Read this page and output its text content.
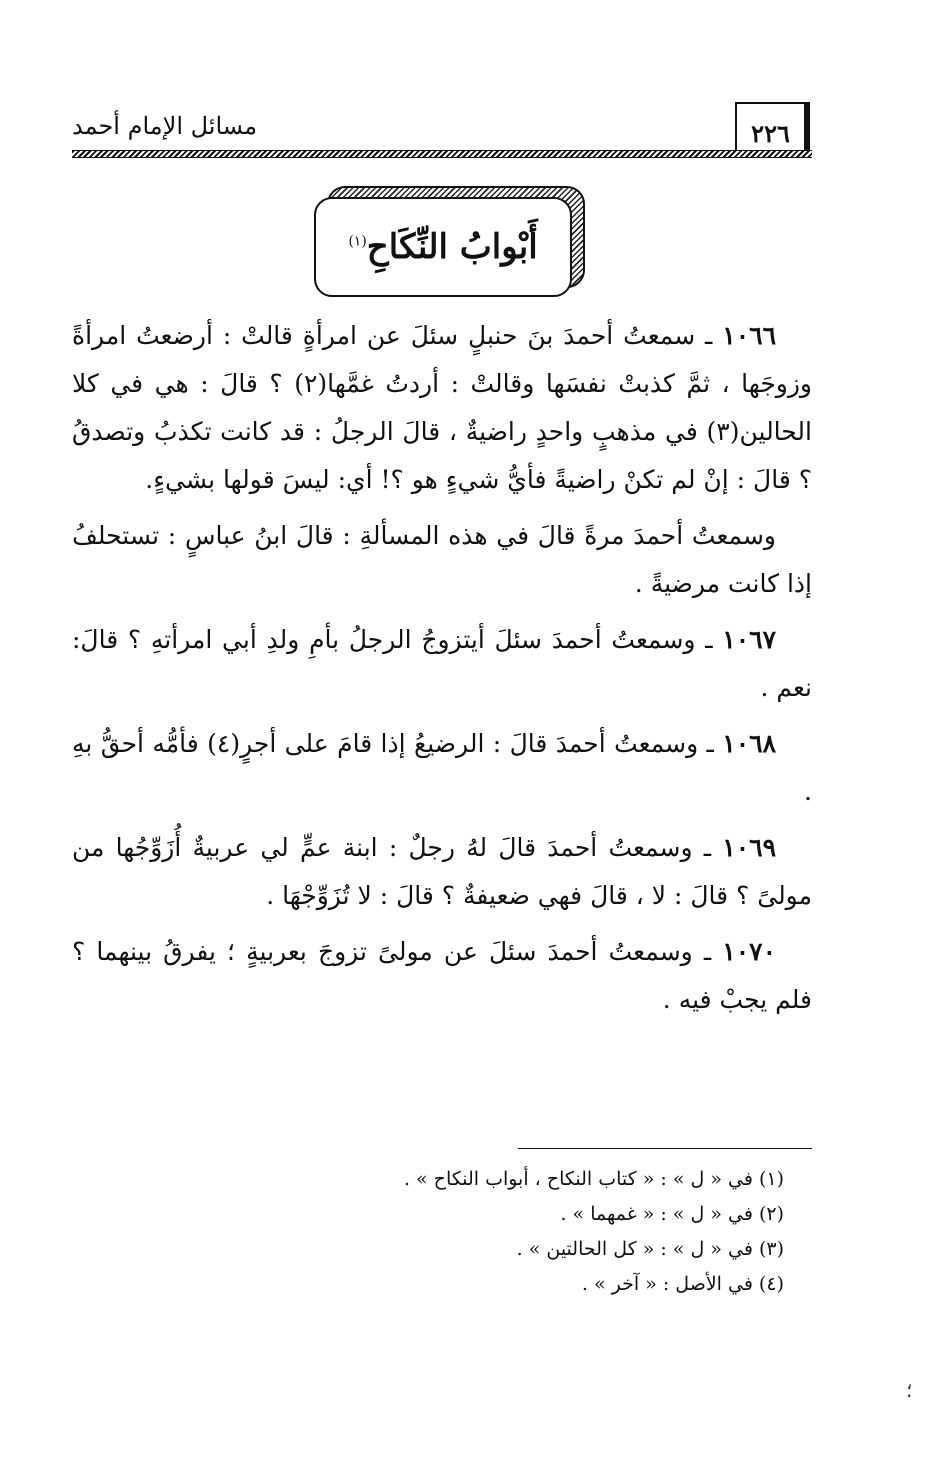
٢٢٦
مسائل الإمام أحمد
أَبْوابُ النِّكَاحِ$^{(١)}$

١٠٦٦ ـ سمعتُ أحمدَ بنَ حنبلٍ سئلَ عن امرأةٍ قالتْ : أرضعتُ امرأةً وزوجَها ، ثمَّ كذبتْ نفسَها وقالتْ : أردتُ غمَّها(٢) ؟ قالَ : هي في كلا الحالين(٣) في مذهبٍ واحدٍ راضيةٌ ، قالَ الرجلُ : قد كانت تكذبُ وتصدقُ ؟ قالَ : إنْ لم تكنْ راضيةً فأيُّ شيءٍ هو ؟! أي: ليسَ قولها بشيءٍ.

وسمعتُ أحمدَ مرةً قالَ في هذه المسألةِ : قالَ ابنُ عباسٍ : تستحلفُ إذا كانت مرضيةً .

١٠٦٧ ـ وسمعتُ أحمدَ سئلَ أيتزوجُ الرجلُ بأمِ ولدِ أبي امرأتهِ ؟ قالَ: نعم .

١٠٦٨ ـ وسمعتُ أحمدَ قالَ : الرضيعُ إذا قامَ على أجرٍ(٤) فأمُّه أحقُّ بهِ .

١٠٦٩ ـ وسمعتُ أحمدَ قالَ لهُ رجلٌ : ابنة عمٍّ لي عربيةٌ أُزَوِّجُها من مولىً ؟ قالَ : لا ، قالَ فهي ضعيفةٌ ؟ قالَ : لا تُزَوِّجْهَا .

١٠٧٠ ـ وسمعتُ أحمدَ سئلَ عن مولىً تزوجَ بعربيةٍ ؛ يفرقُ بينهما ؟ فلم يجبْ فيه .

(١) في « ل » : « كتاب النكاح ، أبواب النكاح » .

(٢) في « ل » : « غمهما » .

(٣) في « ل » : « كل الحالتين » .

(٤) في الأصل : « آخر » .

؛
